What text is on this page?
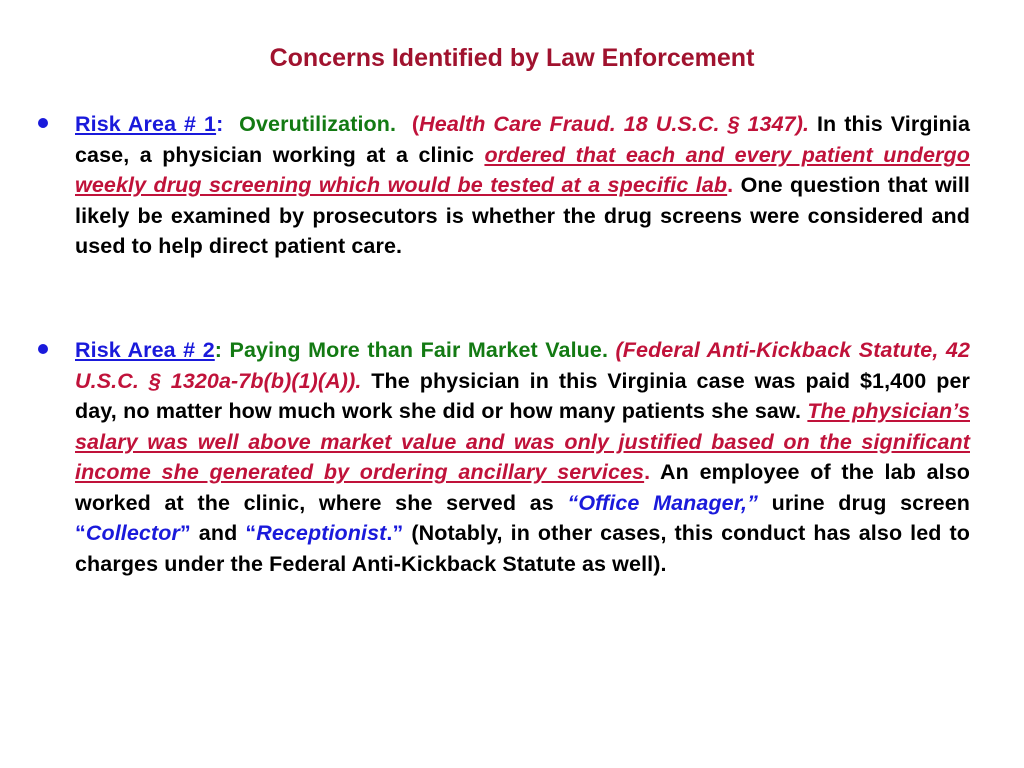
Concerns Identified by Law Enforcement
Risk Area # 1: Overutilization.  (Health Care Fraud. 18 U.S.C. § 1347). In this Virginia case, a physician working at a clinic ordered that each and every patient undergo weekly drug screening which would be tested at a specific lab. One question that will likely be examined by prosecutors is whether the drug screens were considered and used to help direct patient care.
Risk Area # 2: Paying More than Fair Market Value. (Federal Anti-Kickback Statute, 42 U.S.C. § 1320a-7b(b)(1)(A)). The physician in this Virginia case was paid $1,400 per day, no matter how much work she did or how many patients she saw. The physician’s salary was well above market value and was only justified based on the significant income she generated by ordering ancillary services. An employee of the lab also worked at the clinic, where she served as “Office Manager,” urine drug screen “Collector” and “Receptionist.” (Notably, in other cases, this conduct has also led to charges under the Federal Anti-Kickback Statute as well).
